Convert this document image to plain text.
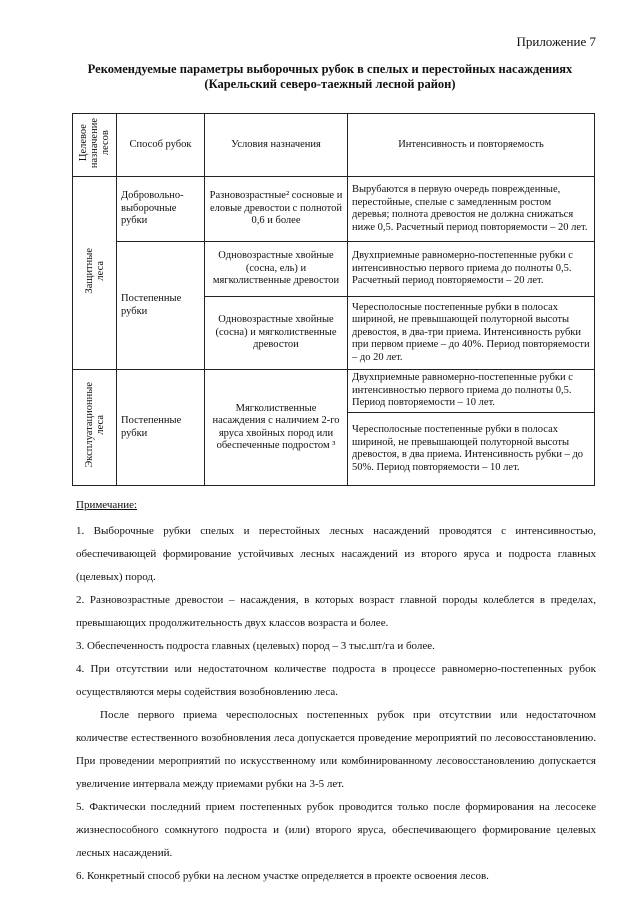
Приложение 7
Рекомендуемые параметры выборочных рубок в спелых и перестойных насаждениях
(Карельский северо-таежный лесной район)
Целевое
назначение
лесов	Способ рубок	Условия назначения	Интенсивность и повторяемость
Защитные
леса	Добровольно-выборочные рубки	Разновозрастные² сосновые и еловые древостои с полнотой 0,6 и более	Вырубаются в первую очередь поврежденные, перестойные, спелые с замедленным ростом деревья; полнота древостоя не должна снижаться ниже 0,5. Расчетный период повторяемости – 20 лет.
	Постепенные рубки	Одновозрастные хвойные (сосна, ель) и мягколиственные древостои	Двухприемные равномерно-постепенные рубки с интенсивностью первого приема до полноты 0,5. Расчетный период повторяемости – 20 лет.
		Одновозрастные хвойные (сосна) и мягколиственные древостои	Чересполосные постепенные рубки в полосах шириной, не превышающей полуторной высоты древостоя, в два-три приема. Интенсивность рубки при первом приеме – до 40%. Период повторяемости – до 20 лет.
Эксплуатационные
леса	Постепенные рубки	Мягколиственные насаждения с наличием 2-го яруса хвойных пород или обеспеченные подростом ³	Двухприемные равномерно-постепенные рубки с интенсивностью первого приема до полноты 0,5. Период повторяемости – 10 лет.
			Чересполосные постепенные рубки в полосах шириной, не превышающей полуторной высоты древостоя, в два приема. Интенсивность рубки – до 50%. Период повторяемости – 10 лет.

Примечание:

1. Выборочные рубки спелых и перестойных лесных насаждений проводятся с интенсивностью, обеспечивающей формирование устойчивых лесных насаждений из второго яруса и подроста главных (целевых) пород.

2. Разновозрастные древостои – насаждения, в которых возраст главной породы колеблется в пределах, превышающих продолжительность двух классов возраста и более.

3. Обеспеченность подроста главных (целевых) пород – 3 тыс.шт/га и более.

4. При отсутствии или недостаточном количестве подроста в процессе равномерно-постепенных рубок осуществляются меры содействия возобновлению леса.

После первого приема чересполосных постепенных рубок при отсутствии или недостаточном количестве естественного возобновления леса допускается проведение мероприятий по лесовосстановлению. При проведении мероприятий по искусственному или комбинированному лесовосстановлению допускается увеличение интервала между приемами рубки на 3-5 лет.

5. Фактически последний прием постепенных рубок проводится только после формирования на лесосеке жизнеспособного сомкнутого подроста и (или) второго яруса, обеспечивающего формирование целевых лесных насаждений.

6. Конкретный способ рубки на лесном участке определяется в проекте освоения лесов.
